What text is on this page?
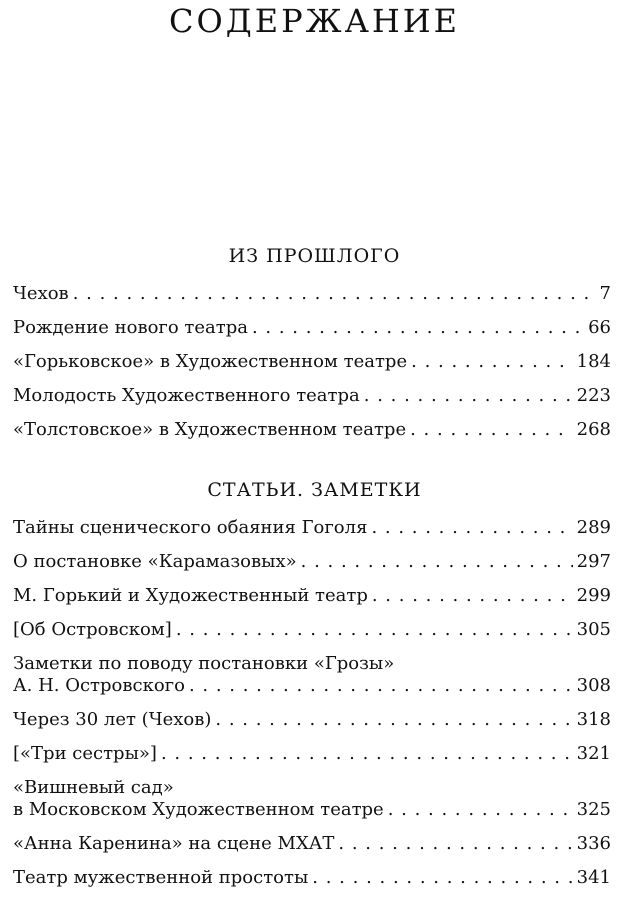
СОДЕРЖАНИЕ
ИЗ ПРОШЛОГО
Чехов . . .	7
Рождение нового театра . . .	66
«Горьковское» в Художественном театре . . .	184
Молодость Художественного театра . . .	223
«Толстовское» в Художественном театре . . .	268
СТАТЬИ. ЗАМЕТКИ
Тайны сценического обаяния Гоголя . . .	289
О постановке «Карамазовых» . . .	297
М. Горький и Художественный театр . . .	299
[Об Островском] . . .	305
Заметки по поводу постановки «Грозы»
А. Н. Островского . . .	308
Через 30 лет (Чехов) . . .	318
[«Три сестры»] . . .	321
«Вишневый сад»
в Московском Художественном театре . . .	325
«Анна Каренина» на сцене МХАТ . . .	336
Театр мужественной простоты . . .	341
